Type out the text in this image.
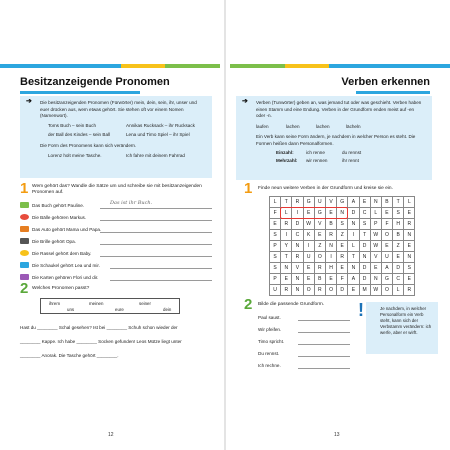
Besitzanzeigende Pronomen
➔	Die besitzanzeigenden Pronomen (Fürwörter) mein, dein, sein, ihr, unser und euer drücken aus, wem etwas gehört. Sie stehen oft vor einem Nomen (Namenwort).
Toms Buch – sein Buch	Annikas Rucksack – ihr Rucksack
der Ball des Kindes – sein Ball	Lena und Timo Spiel – ihr Spiel
Die Form des Pronomens kann sich verändern.
Lorenz holt meine Tasche.	Ich fahre mit deinem Fahrrad
1 Wem gehört das? Wandle die Sätze um und schreibe sie mit besitzanzeigenden Pronomen auf.
Das Buch gehört Pauline.	Das ist ihr Buch.
Die Bälle gehören Markus.
Das Auto gehört Mama und Papa.
Die Brille gehört Opa.
Die Rassel gehört dem Baby.
Die Schaukel gehört Lea und mir.
Die Karten gehören Flori und dir.
2 Welches Pronomen passt?
ihrem
uns
meinen
eure
seiner
dein
Hast du ________ Schal gesehen? Ist bei ________ Schuh schon wieder der
________ Kappe. Ich habe ________ Socken gefunden! Leos Mütze liegt unter
________ Anorak. Die Tasche gehört ________.
12
Verben erkennen
➔	Verben (Tunwörter) geben an, was jemand tut oder was geschieht. Verben haben einen Stamm und eine Endung. Verben in der Grundform enden meist auf -en oder -n.
laufen	lachen	lachen	lächeln
Ein Verb kann seine Form ändern, je nachdem in welcher Person es steht. Die Formen heißen dann Personalformen.
Einzahl:	ich renne	du rennst
Mehrzahl:	wir rennen	ihr rennt
1 Finde neun weitere Verben in der Grundform und kreise sie ein.
L	T	R	G	U	V	G	A	E	N	B	T	L
F	L	I	E	G	E	N	D	C	L	E	S	E
E	R	D	W	V	B	S	N	S	P	F	H	R
S	I	C	K	E	R	Z	I	T	W	O	B	N
P	Y	N	I	Z	N	E	L	D	W	E	Z	E
S	T	R	U	O	I	R	T	N	V	U	E	N
S	N	V	E	R	H	E	N	D	E	A	D	S
P	E	N	E	B	E	F	A	D	N	G	C	E
U	R	N	O	R	O	D	E	M	W	O	L	R
2 Bilde die passende Grundform.
Paul saust.
Wir pfeifen.
Timo spricht.
Du rennst.
Ich rechne.
!	Je nachdem, in welcher Personalform ein Verb steht, kann sich der Verbstamm verändern: ich werfe, aber er wirft.
13
